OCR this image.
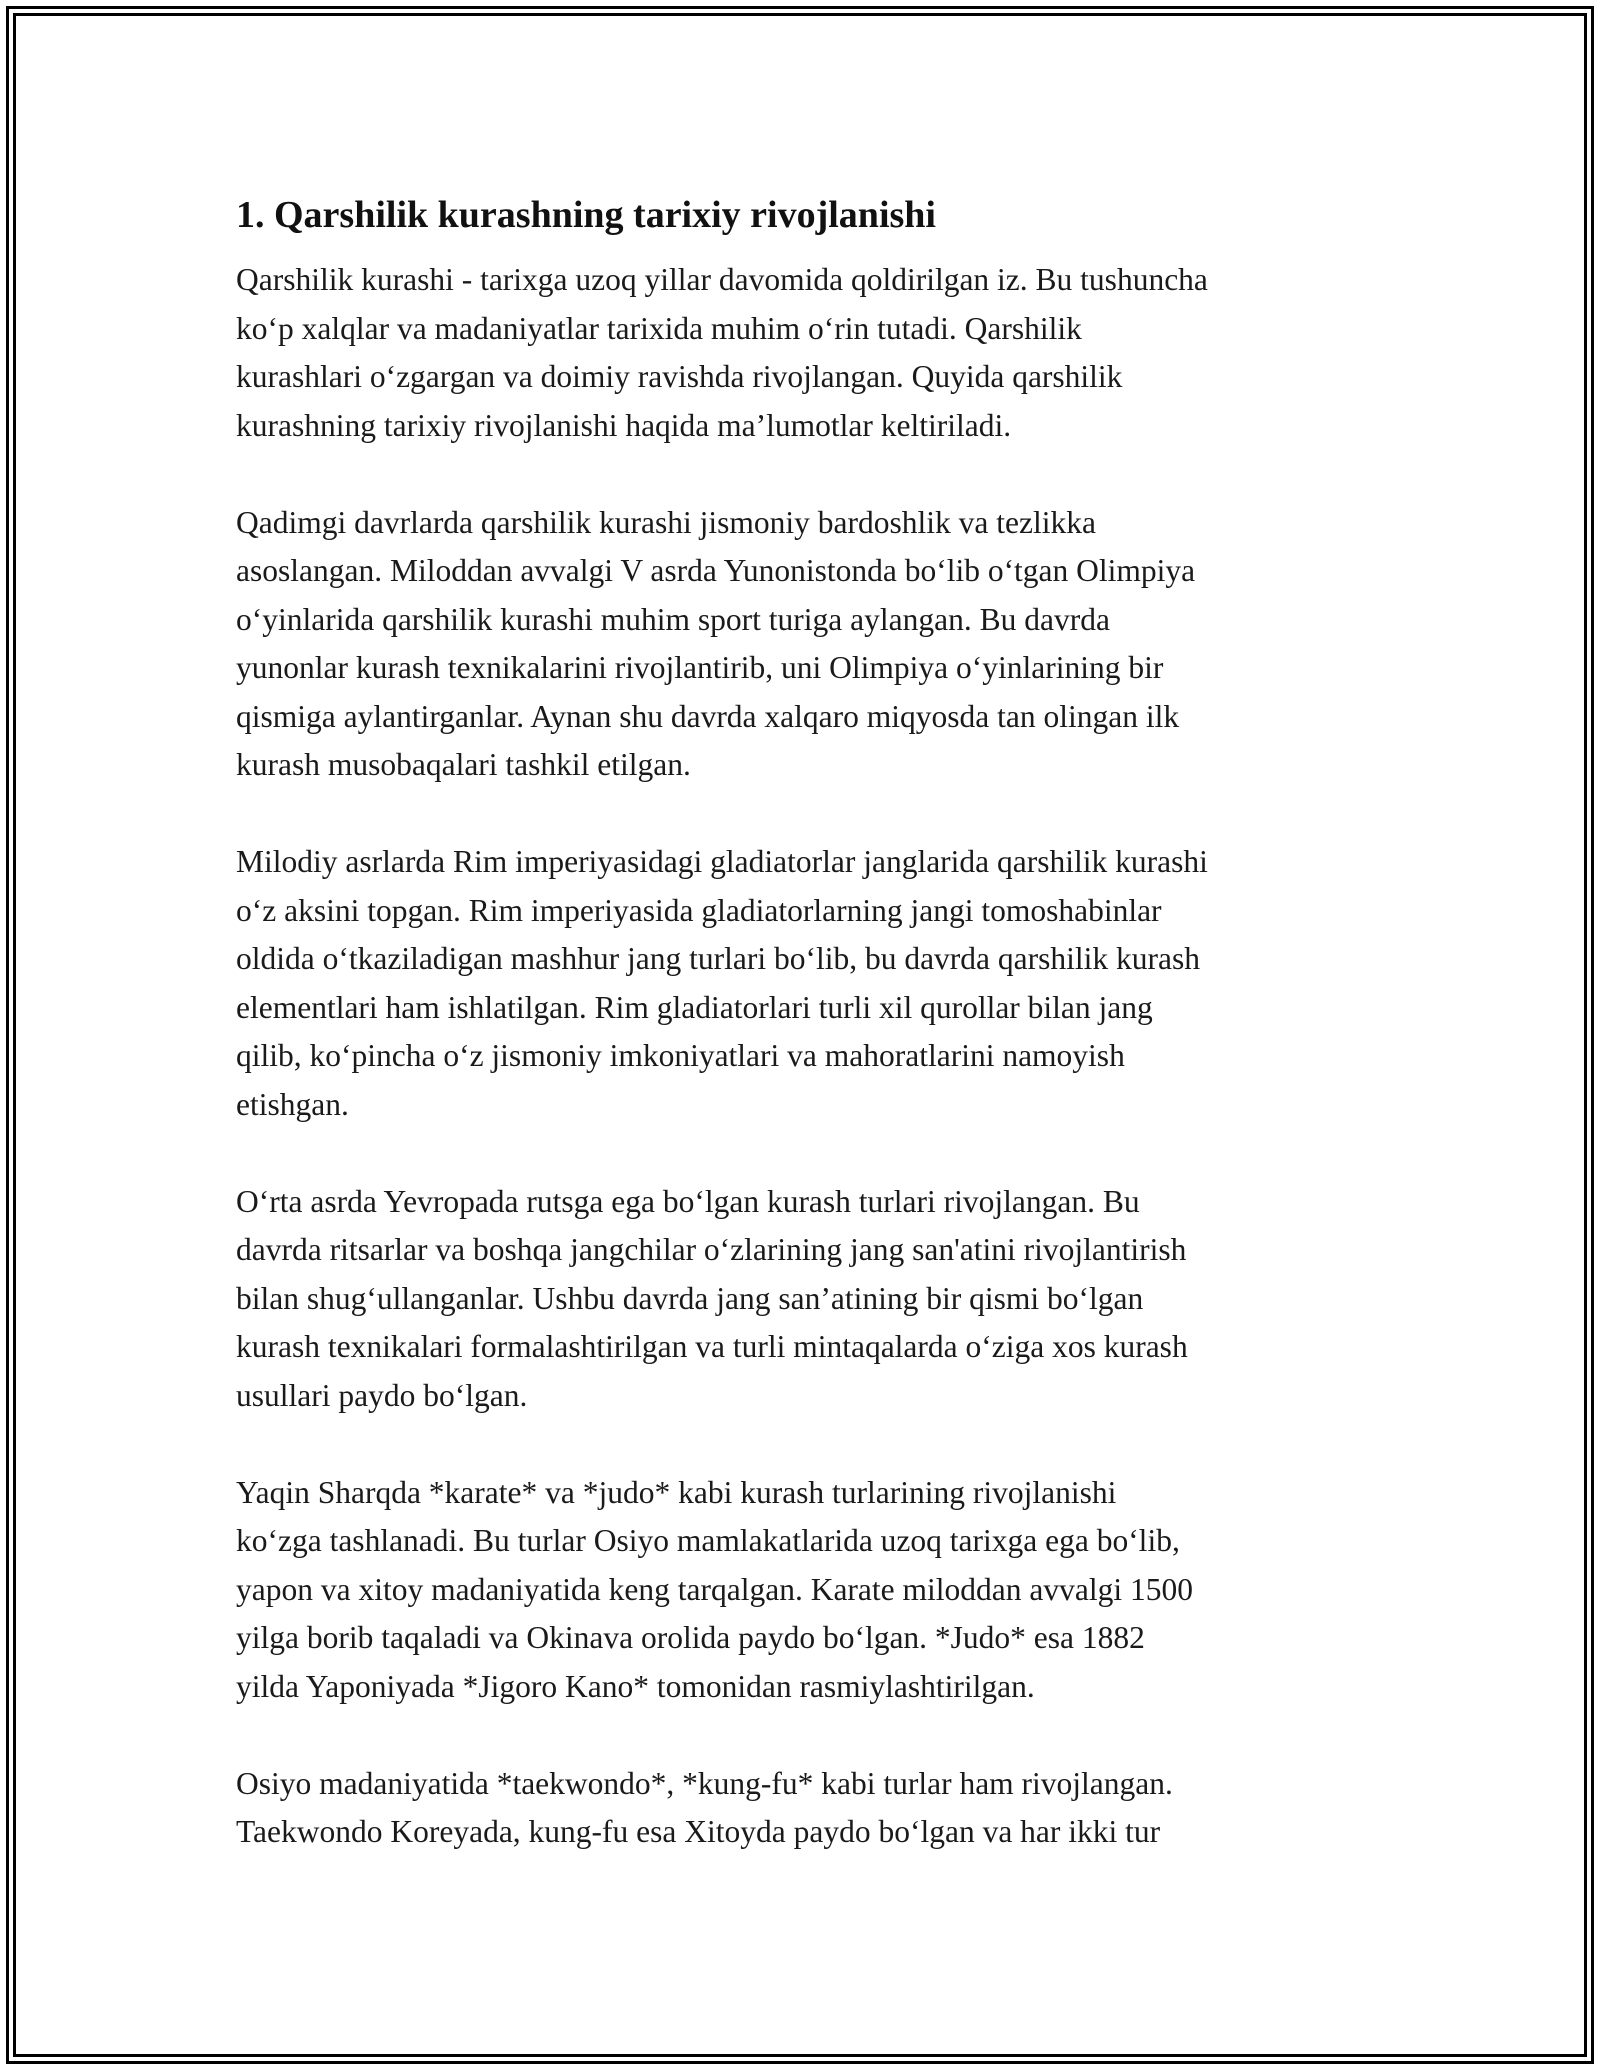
1. Qarshilik kurashning tarixiy rivojlanishi

Qarshilik kurashi - tarixga uzoq yillar davomida qoldirilgan iz. Bu tushuncha
ko‘p xalqlar va madaniyatlar tarixida muhim o‘rin tutadi. Qarshilik
kurashlari o‘zgargan va doimiy ravishda rivojlangan. Quyida qarshilik
kurashning tarixiy rivojlanishi haqida ma’lumotlar keltiriladi.

Qadimgi davrlarda qarshilik kurashi jismoniy bardoshlik va tezlikka
asoslangan. Miloddan avvalgi V asrda Yunonistonda bo‘lib o‘tgan Olimpiya
o‘yinlarida qarshilik kurashi muhim sport turiga aylangan. Bu davrda
yunonlar kurash texnikalarini rivojlantirib, uni Olimpiya o‘yinlarining bir
qismiga aylantirganlar. Aynan shu davrda xalqaro miqyosda tan olingan ilk
kurash musobaqalari tashkil etilgan.

Milodiy asrlarda Rim imperiyasidagi gladiatorlar janglarida qarshilik kurashi
o‘z aksini topgan. Rim imperiyasida gladiatorlarning jangi tomoshabinlar
oldida o‘tkaziladigan mashhur jang turlari bo‘lib, bu davrda qarshilik kurash
elementlari ham ishlatilgan. Rim gladiatorlari turli xil qurollar bilan jang
qilib, ko‘pincha o‘z jismoniy imkoniyatlari va mahoratlarini namoyish
etishgan.

O‘rta asrda Yevropada rutsga ega bo‘lgan kurash turlari rivojlangan. Bu
davrda ritsarlar va boshqa jangchilar o‘zlarining jang san'atini rivojlantirish
bilan shug‘ullanganlar. Ushbu davrda jang san’atining bir qismi bo‘lgan
kurash texnikalari formalashtirilgan va turli mintaqalarda o‘ziga xos kurash
usullari paydo bo‘lgan.

Yaqin Sharqda *karate* va *judo* kabi kurash turlarining rivojlanishi
ko‘zga tashlanadi. Bu turlar Osiyo mamlakatlarida uzoq tarixga ega bo‘lib,
yapon va xitoy madaniyatida keng tarqalgan. Karate miloddan avvalgi 1500
yilga borib taqaladi va Okinava orolida paydo bo‘lgan. *Judo* esa 1882
yilda Yaponiyada *Jigoro Kano* tomonidan rasmiylashtirilgan.

Osiyo madaniyatida *taekwondo*, *kung-fu* kabi turlar ham rivojlangan.
Taekwondo Koreyada, kung-fu esa Xitoyda paydo bo‘lgan va har ikki tur
